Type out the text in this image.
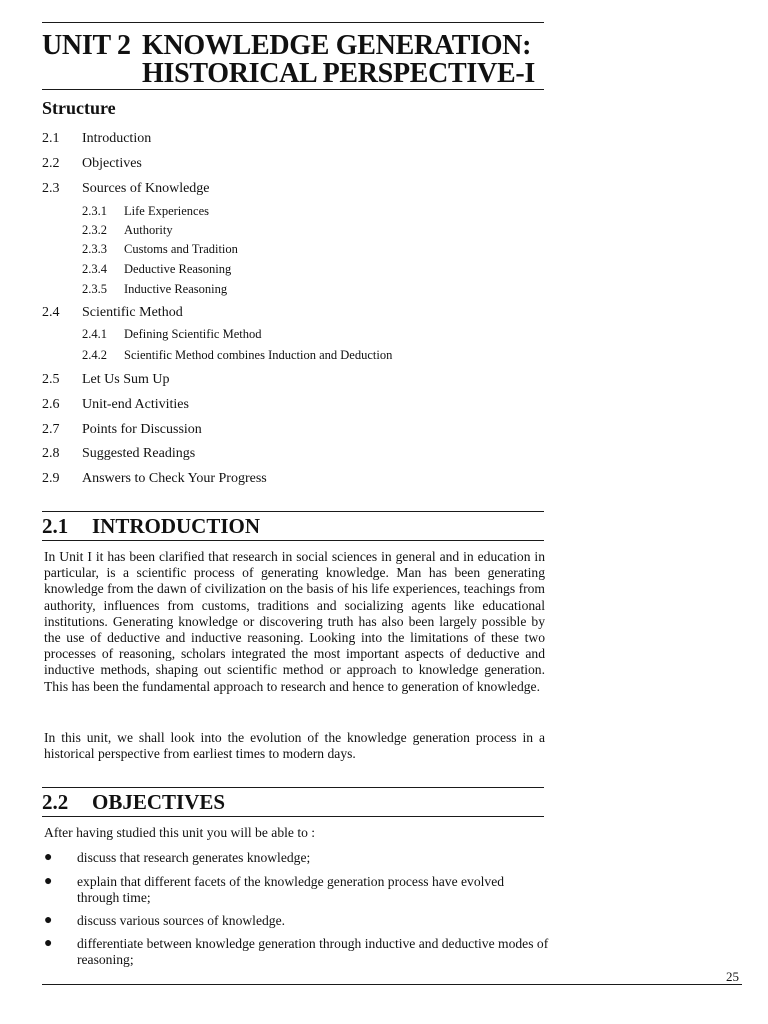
UNIT 2 KNOWLEDGE GENERATION:
HISTORICAL PERSPECTIVE-I
Structure
2.1 Introduction
2.2 Objectives
2.3 Sources of Knowledge
2.3.1 Life Experiences
2.3.2 Authority
2.3.3 Customs and Tradition
2.3.4 Deductive Reasoning
2.3.5 Inductive Reasoning
2.4 Scientific Method
2.4.1 Defining Scientific Method
2.4.2 Scientific Method combines Induction and Deduction
2.5 Let Us Sum Up
2.6 Unit-end Activities
2.7 Points for Discussion
2.8 Suggested Readings
2.9 Answers to Check Your Progress
2.1 INTRODUCTION
In Unit I it has been clarified that research in social sciences in general and in education in particular, is a scientific process of generating knowledge. Man has been generating knowledge from the dawn of civilization on the basis of his life experiences, teachings from authority, influences from customs, traditions and socializing agents like educational institutions. Generating knowledge or discovering truth has also been largely possible by the use of deductive and inductive reasoning. Looking into the limitations of these two processes of reasoning, scholars integrated the most important aspects of deductive and inductive methods, shaping out scientific method or approach to knowledge generation. This has been the fundamental approach to research and hence to generation of knowledge.
In this unit, we shall look into the evolution of the knowledge generation process in a historical perspective from earliest times to modern days.
2.2 OBJECTIVES
After having studied this unit you will be able to :
● discuss that research generates knowledge;
● explain that different facets of the knowledge generation process have evolved through time;
● discuss various sources of knowledge.
● differentiate between knowledge generation through inductive and deductive modes of reasoning;
25
